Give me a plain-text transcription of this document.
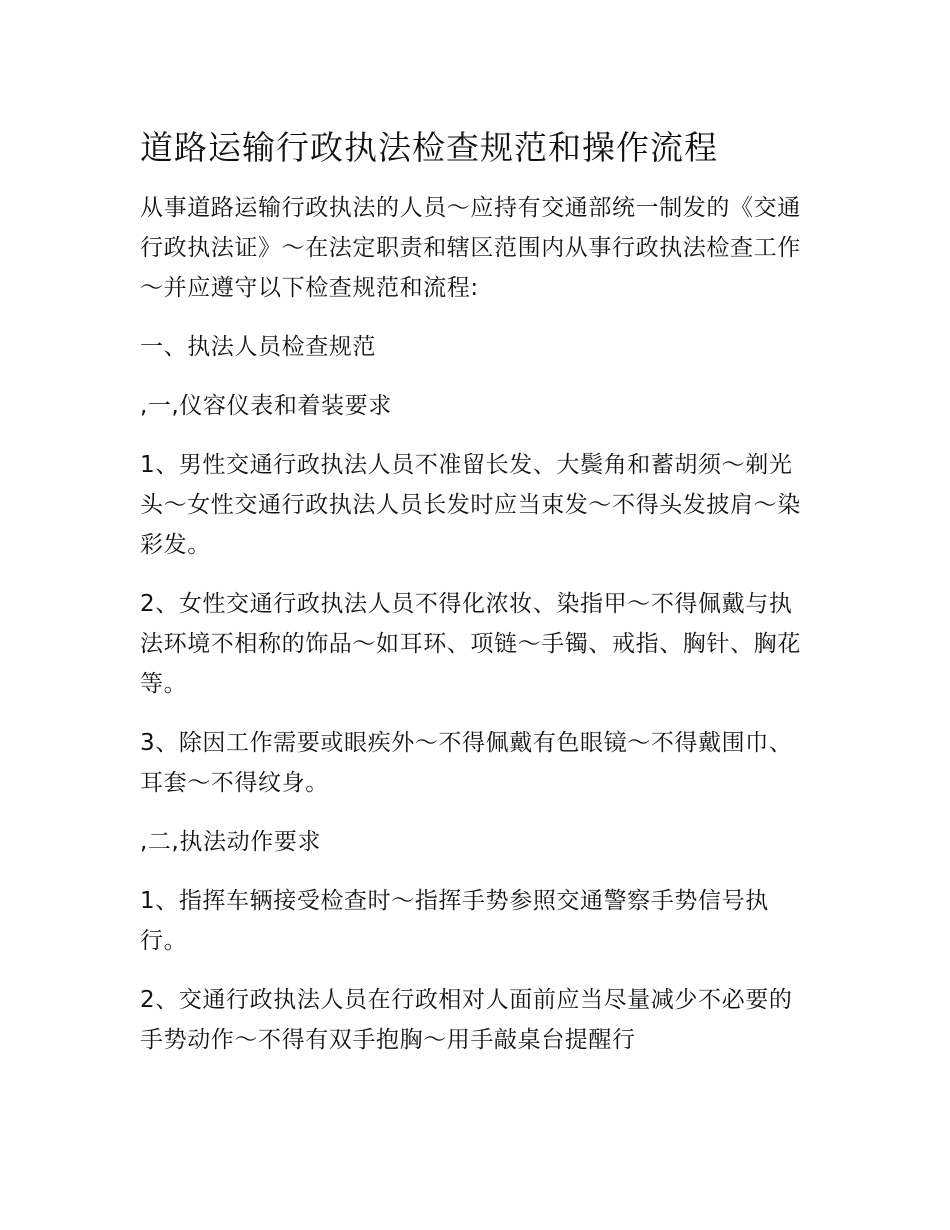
道路运输行政执法检查规范和操作流程

从事道路运输行政执法的人员～应持有交通部统一制发的《交通行政执法证》～在法定职责和辖区范围内从事行政执法检查工作～并应遵守以下检查规范和流程:

一、执法人员检查规范

,一,仪容仪表和着装要求

1、男性交通行政执法人员不准留长发、大鬓角和蓄胡须～剃光头～女性交通行政执法人员长发时应当束发～不得头发披肩～染彩发。

2、女性交通行政执法人员不得化浓妆、染指甲～不得佩戴与执法环境不相称的饰品～如耳环、项链～手镯、戒指、胸针、胸花等。

3、除因工作需要或眼疾外～不得佩戴有色眼镜～不得戴围巾、耳套～不得纹身。

,二,执法动作要求

1、指挥车辆接受检查时～指挥手势参照交通警察手势信号执行。

2、交通行政执法人员在行政相对人面前应当尽量减少不必要的手势动作～不得有双手抱胸～用手敲桌台提醒行
